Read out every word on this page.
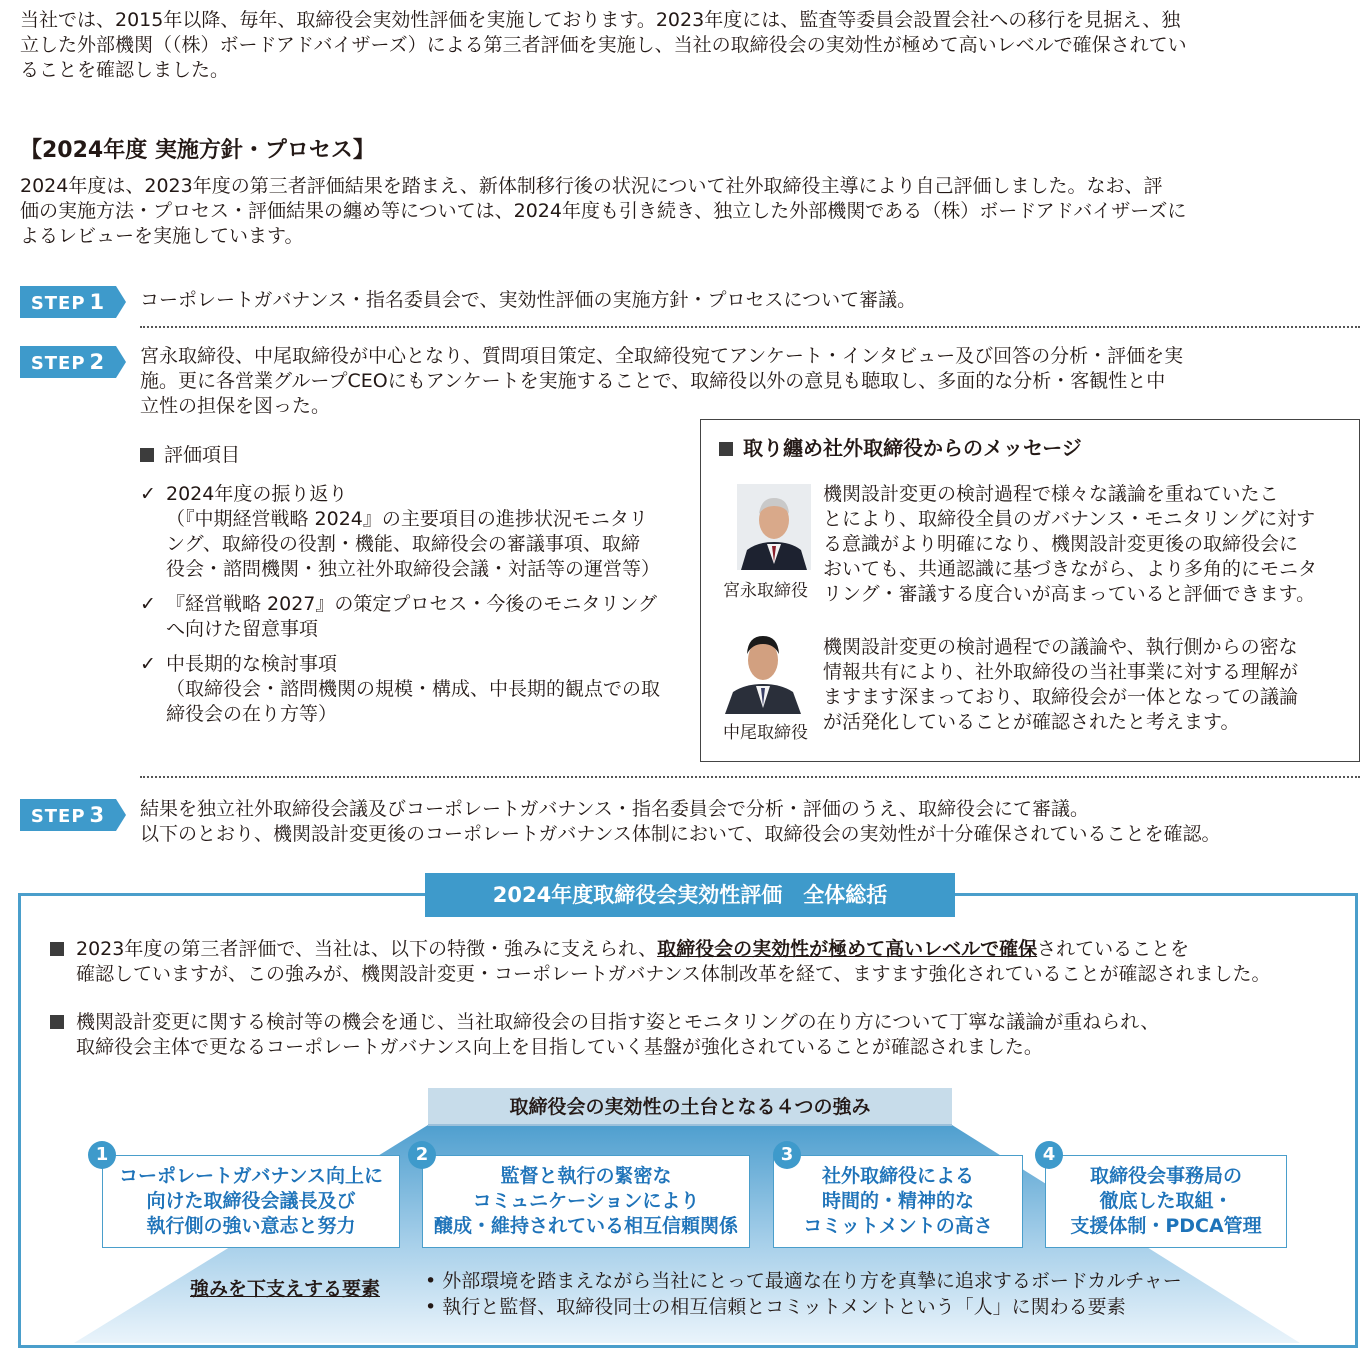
当社では、2015年以降、毎年、取締役会実効性評価を実施しております。2023年度には、監査等委員会設置会社への移行を見据え、独
立した外部機関（（株）ボードアドバイザーズ）による第三者評価を実施し、当社の取締役会の実効性が極めて高いレベルで確保されてい
ることを確認しました。
【2024年度 実施方針・プロセス】
2024年度は、2023年度の第三者評価結果を踏まえ、新体制移行後の状況について社外取締役主導により自己評価しました。なお、評
価の実施方法・プロセス・評価結果の纏め等については、2024年度も引き続き、独立した外部機関である（株）ボードアドバイザーズに
よるレビューを実施しています。
STEP 1	コーポレートガバナンス・指名委員会で、実効性評価の実施方針・プロセスについて審議。
STEP 2	宮永取締役、中尾取締役が中心となり、質問項目策定、全取締役宛てアンケート・インタビュー及び回答の分析・評価を実
施。更に各営業グループCEOにもアンケートを実施することで、取締役以外の意見も聴取し、多面的な分析・客観性と中
立性の担保を図った。
評価項目
✓ 2024年度の振り返り
（『中期経営戦略 2024』の主要項目の進捗状況モニタリ
ング、取締役の役割・機能、取締役会の審議事項、取締
役会・諮問機関・独立社外取締役会議・対話等の運営等）
✓ 『経営戦略 2027』の策定プロセス・今後のモニタリング
へ向けた留意事項
✓ 中長期的な検討事項
（取締役会・諮問機関の規模・構成、中長期的観点での取
締役会の在り方等）
取り纏め社外取締役からのメッセージ
宮永取締役
機関設計変更の検討過程で様々な議論を重ねていたこ
とにより、取締役全員のガバナンス・モニタリングに対す
る意識がより明確になり、機関設計変更後の取締役会に
おいても、共通認識に基づきながら、より多角的にモニタ
リング・審議する度合いが高まっていると評価できます。
中尾取締役
機関設計変更の検討過程での議論や、執行側からの密な
情報共有により、社外取締役の当社事業に対する理解が
ますます深まっており、取締役会が一体となっての議論
が活発化していることが確認されたと考えます。
STEP 3	結果を独立社外取締役会議及びコーポレートガバナンス・指名委員会で分析・評価のうえ、取締役会にて審議。
以下のとおり、機関設計変更後のコーポレートガバナンス体制において、取締役会の実効性が十分確保されていることを確認。
2024年度取締役会実効性評価　全体総括
2023年度の第三者評価で、当社は、以下の特徴・強みに支えられ、取締役会の実効性が極めて高いレベルで確保されていることを
確認していますが、この強みが、機関設計変更・コーポレートガバナンス体制改革を経て、ますます強化されていることが確認されました。
機関設計変更に関する検討等の機会を通じ、当社取締役会の目指す姿とモニタリングの在り方について丁寧な議論が重ねられ、
取締役会主体で更なるコーポレートガバナンス向上を目指していく基盤が強化されていることが確認されました。
取締役会の実効性の土台となる４つの強み
コーポレートガバナンス向上に
向けた取締役会議長及び
執行側の強い意志と努力
1
監督と執行の緊密な
コミュニケーションにより
醸成・維持されている相互信頼関係
2
社外取締役による
時間的・精神的な
コミットメントの高さ
3
取締役会事務局の
徹底した取組・
支援体制・PDCA管理
4
強みを下支えする要素 • 外部環境を踏まえながら当社にとって最適な在り方を真摯に追求するボードカルチャー
• 執行と監督、取締役同士の相互信頼とコミットメントという「人」に関わる要素
